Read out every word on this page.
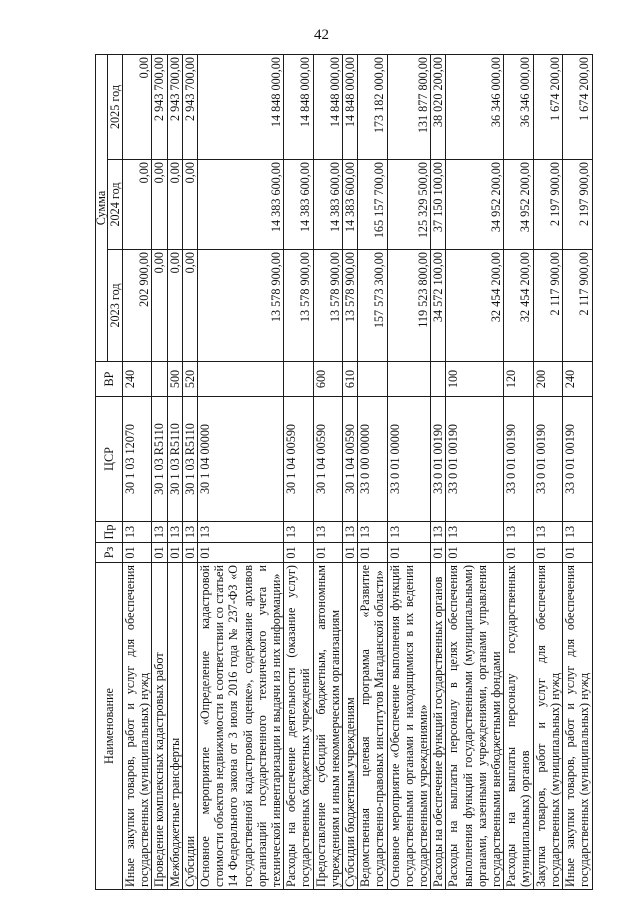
42
Наименование	Рз	Пр	ЦСР	ВР	Сумма		
					2023 год	2024 год	2025 год
Иные закупки товаров, работ и услуг для обеспечения государственных (муниципальных) нужд	01	13	30 1 03 12070	240	202 900,00	0,00	0,00
Проведение комплексных кадастровых работ	01	13	30 1 03 R5110		0,00	0,00	2 943 700,00
Межбюджетные трансферты	01	13	30 1 03 R5110	500	0,00	0,00	2 943 700,00
Субсидии	01	13	30 1 03 R5110	520	0,00	0,00	2 943 700,00
Основное мероприятие «Определение кадастровой стоимости объектов недвижимости в соответствии со статьей 14 Федерального закона от 3 июля 2016 года № 237-ФЗ «О государственной кадастровой оценке», содержание архивов организаций государственного технического учета и технической инвентаризации и выдачи из них информации»	01	13	30 1 04 00000		13 578 900,00	14 383 600,00	14 848 000,00
Расходы на обеспечение деятельности (оказание услуг) государственных бюджетных учреждений	01	13	30 1 04 00590		13 578 900,00	14 383 600,00	14 848 000,00
Предоставление субсидий бюджетным, автономным учреждениям и иным некоммерческим организациям	01	13	30 1 04 00590	600	13 578 900,00	14 383 600,00	14 848 000,00
Субсидии бюджетным учреждениям	01	13	30 1 04 00590	610	13 578 900,00	14 383 600,00	14 848 000,00
Ведомственная целевая программа «Развитие государственно-правовых институтов Магаданской области»	01	13	33 0 00 00000		157 573 300,00	165 157 700,00	173 182 000,00
Основное мероприятие «Обеспечение выполнения функций государственными органами и находящимися в их ведении государственными учреждениями»	01	13	33 0 01 00000		119 523 800,00	125 329 500,00	131 877 800,00
Расходы на обеспечение функций государственных органов	01	13	33 0 01 00190		34 572 100,00	37 150 100,00	38 020 200,00
Расходы на выплаты персоналу в целях обеспечения выполнения функций государственными (муниципальными) органами, казенными учреждениями, органами управления государственными внебюджетными фондами	01	13	33 0 01 00190	100	32 454 200,00	34 952 200,00	36 346 000,00
Расходы на выплаты персоналу государственных (муниципальных) органов	01	13	33 0 01 00190	120	32 454 200,00	34 952 200,00	36 346 000,00
Закупка товаров, работ и услуг для обеспечения государственных (муниципальных) нужд	01	13	33 0 01 00190	200	2 117 900,00	2 197 900,00	1 674 200,00
Иные закупки товаров, работ и услуг для обеспечения государственных (муниципальных) нужд	01	13	33 0 01 00190	240	2 117 900,00	2 197 900,00	1 674 200,00
